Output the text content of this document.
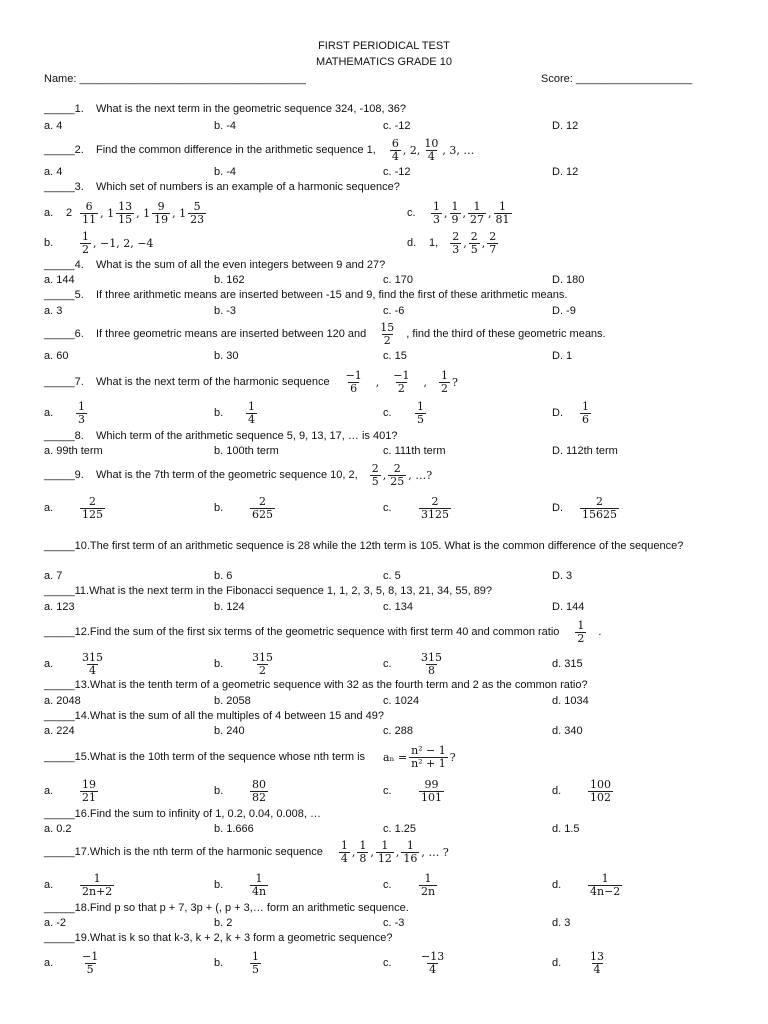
FIRST PERIODICAL TEST
MATHEMATICS GRADE 10
Name: _____________________________________	Score: ___________________
_____1. What is the next term in the geometric sequence 324, -108, 36?
a. 4	b. -4	c. -12	D. 12
_____2.	Find the common difference in the arithmetic sequence 1,
6
4 , 2,
10
4 , 3, …
a. 4	b. -4	c. -12	D. 12
_____3. Which set of numbers is an example of a harmonic sequence?
a.	2
6
11 , 1
13
15 , 1
9
19 , 1
5
23	c.
1
3 ,
1
9 ,
1
27 ,
1
81
b.
1
2 , −1, 2, −4	d.	1,
2
3 ,
2
5 ,
2
7
_____4. What is the sum of all the even integers between 9 and 27?
a. 144	b. 162	c. 170	D. 180
_____5. If three arithmetic means are inserted between -15 and 9, find the first of these arithmetic means.
a. 3	b. -3	c. -6	D. -9
_____6.	If three geometric means are inserted between 120 and
15
2 , find the third of these geometric means.
a. 60	b. 30	c. 15	D. 1
_____7.	What is the next term of the harmonic sequence
−1
6 ,
−1
2 ,
1
2 ?
a.
1
3	b.
1
4	c.
1
5	D.
1
6
_____8. Which term of the arithmetic sequence 5, 9, 13, 17, … is 401?
a. 99th term	b. 100th term	c. 111th term	D. 112th term
_____9.	What is the 7th term of the geometric sequence 10, 2,
2
5 ,
2
25 , …?
a.
2
125	b.
2
625	c.
2
3125	D.
2
15625
_____10.The first term of an arithmetic sequence is 28 while the 12th term is 105. What is the common difference of the sequence?
a. 7	b. 6	c. 5	D. 3
_____11.What is the next term in the Fibonacci sequence 1, 1, 2, 3, 5, 8, 13, 21, 34, 55, 89?
a. 123	b. 124	c. 134	D. 144
_____12. Find the sum of the first six terms of the geometric sequence with first term 40 and common ratio
1
2 .
a.
315
4	b.
315
2	c.
315
8	d. 315
_____13.What is the tenth term of a geometric sequence with 32 as the fourth term and 2 as the common ratio?
a. 2048	b. 2058	c. 1024	d. 1034
_____14.What is the sum of all the multiples of 4 between 15 and 49?
a. 224	b. 240	c. 288	d. 340
_____15. What is the 10th term of the sequence whose nth term is $a_n = \frac{\text{n² − 1}}{\text{n² + 1}}$ ?
a.
19
21	b.
80
82	c.
99
101	d.
100
102
_____16.Find the sum to infinity of 1, 0.2, 0.04, 0.008, …
a. 0.2	b. 1.666	c. 1.25	d. 1.5
_____17. Which is the nth term of the harmonic sequence
1
4 ,
1
8 ,
1
12 ,
1
16 , … ?
a.
1
2n+2	b.
1
4n	c.
1
2n	d.
1
4n−2
_____18.Find p so that p + 7, 3p + (, p + 3,… form an arithmetic sequence.
a. -2	b. 2	c. -3	d. 3
_____19.What is k so that k-3, k + 2, k + 3 form a geometric sequence?
a.
−1
5	b.
1
5	c.
−13
4	d.
13
4
